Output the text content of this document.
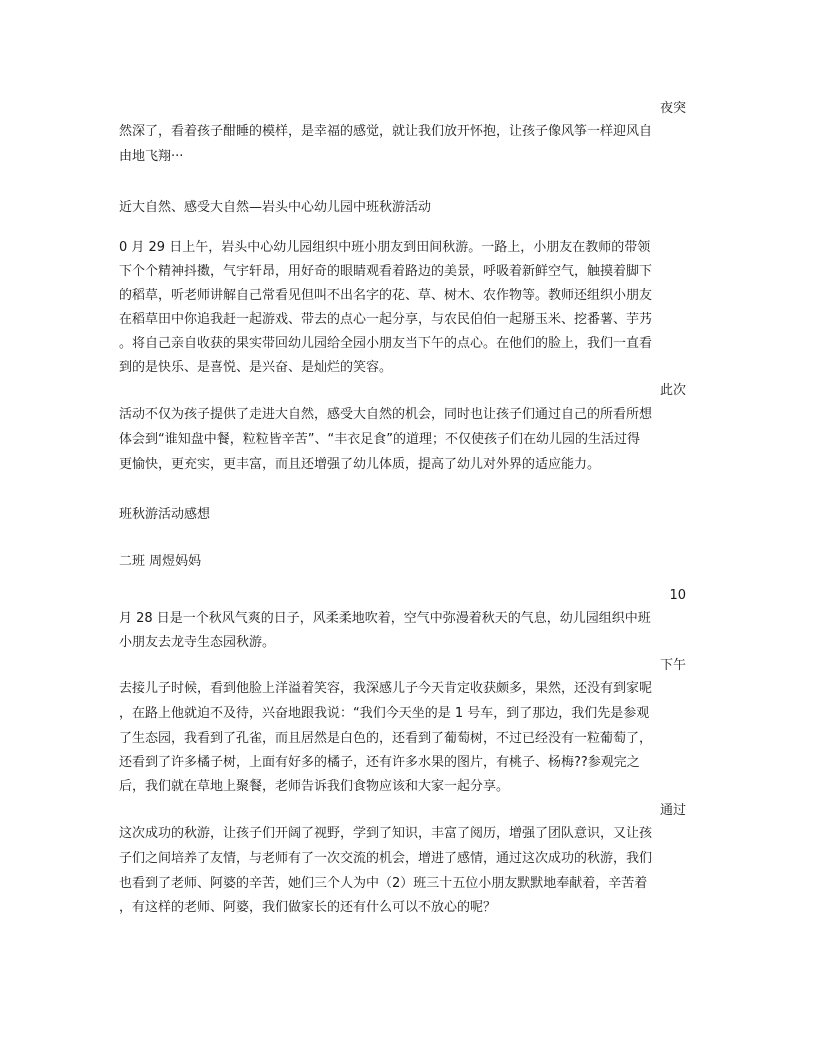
夜突
然深了，看着孩子酣睡的模样，是幸福的感觉，就让我们放开怀抱，让孩子像风筝一样迎风自
由地飞翔···
近大自然、感受大自然—岩头中心幼儿园中班秋游活动
0 月 29 日上午，岩头中心幼儿园组织中班小朋友到田间秋游。一路上，小朋友在教师的带领
下个个精神抖擞，气宇轩昂，用好奇的眼睛观看着路边的美景，呼吸着新鲜空气，触摸着脚下
的稻草，听老师讲解自己常看见但叫不出名字的花、草、树木、农作物等。教师还组织小朋友
在稻草田中你追我赶一起游戏、带去的点心一起分享，与农民伯伯一起掰玉米、挖番薯、芋艿
。将自己亲自收获的果实带回幼儿园给全园小朋友当下午的点心。在他们的脸上，我们一直看
到的是快乐、是喜悦、是兴奋、是灿烂的笑容。
此次
活动不仅为孩子提供了走进大自然，感受大自然的机会，同时也让孩子们通过自己的所看所想
体会到“谁知盘中餐，粒粒皆辛苦”、“丰衣足食”的道理；不仅使孩子们在幼儿园的生活过得
更愉快，更充实，更丰富，而且还增强了幼儿体质，提高了幼儿对外界的适应能力。
班秋游活动感想
二班 周煜妈妈
10
月 28 日是一个秋风气爽的日子，风柔柔地吹着，空气中弥漫着秋天的气息，幼儿园组织中班
小朋友去龙寺生态园秋游。
下午
去接儿子时候，看到他脸上洋溢着笑容，我深感儿子今天肯定收获颇多，果然，还没有到家呢
，在路上他就迫不及待，兴奋地跟我说：“我们今天坐的是 1 号车，到了那边，我们先是参观
了生态园，我看到了孔雀，而且居然是白色的，还看到了葡萄树，不过已经没有一粒葡萄了，
还看到了许多橘子树，上面有好多的橘子，还有许多水果的图片，有桃子、杨梅??参观完之
后，我们就在草地上聚餐，老师告诉我们食物应该和大家一起分享。
通过
这次成功的秋游，让孩子们开阔了视野，学到了知识，丰富了阅历，增强了团队意识，又让孩
子们之间培养了友情，与老师有了一次交流的机会，增进了感情，通过这次成功的秋游，我们
也看到了老师、阿婆的辛苦，她们三个人为中（2）班三十五位小朋友默默地奉献着，辛苦着
，有这样的老师、阿婆，我们做家长的还有什么可以不放心的呢？
